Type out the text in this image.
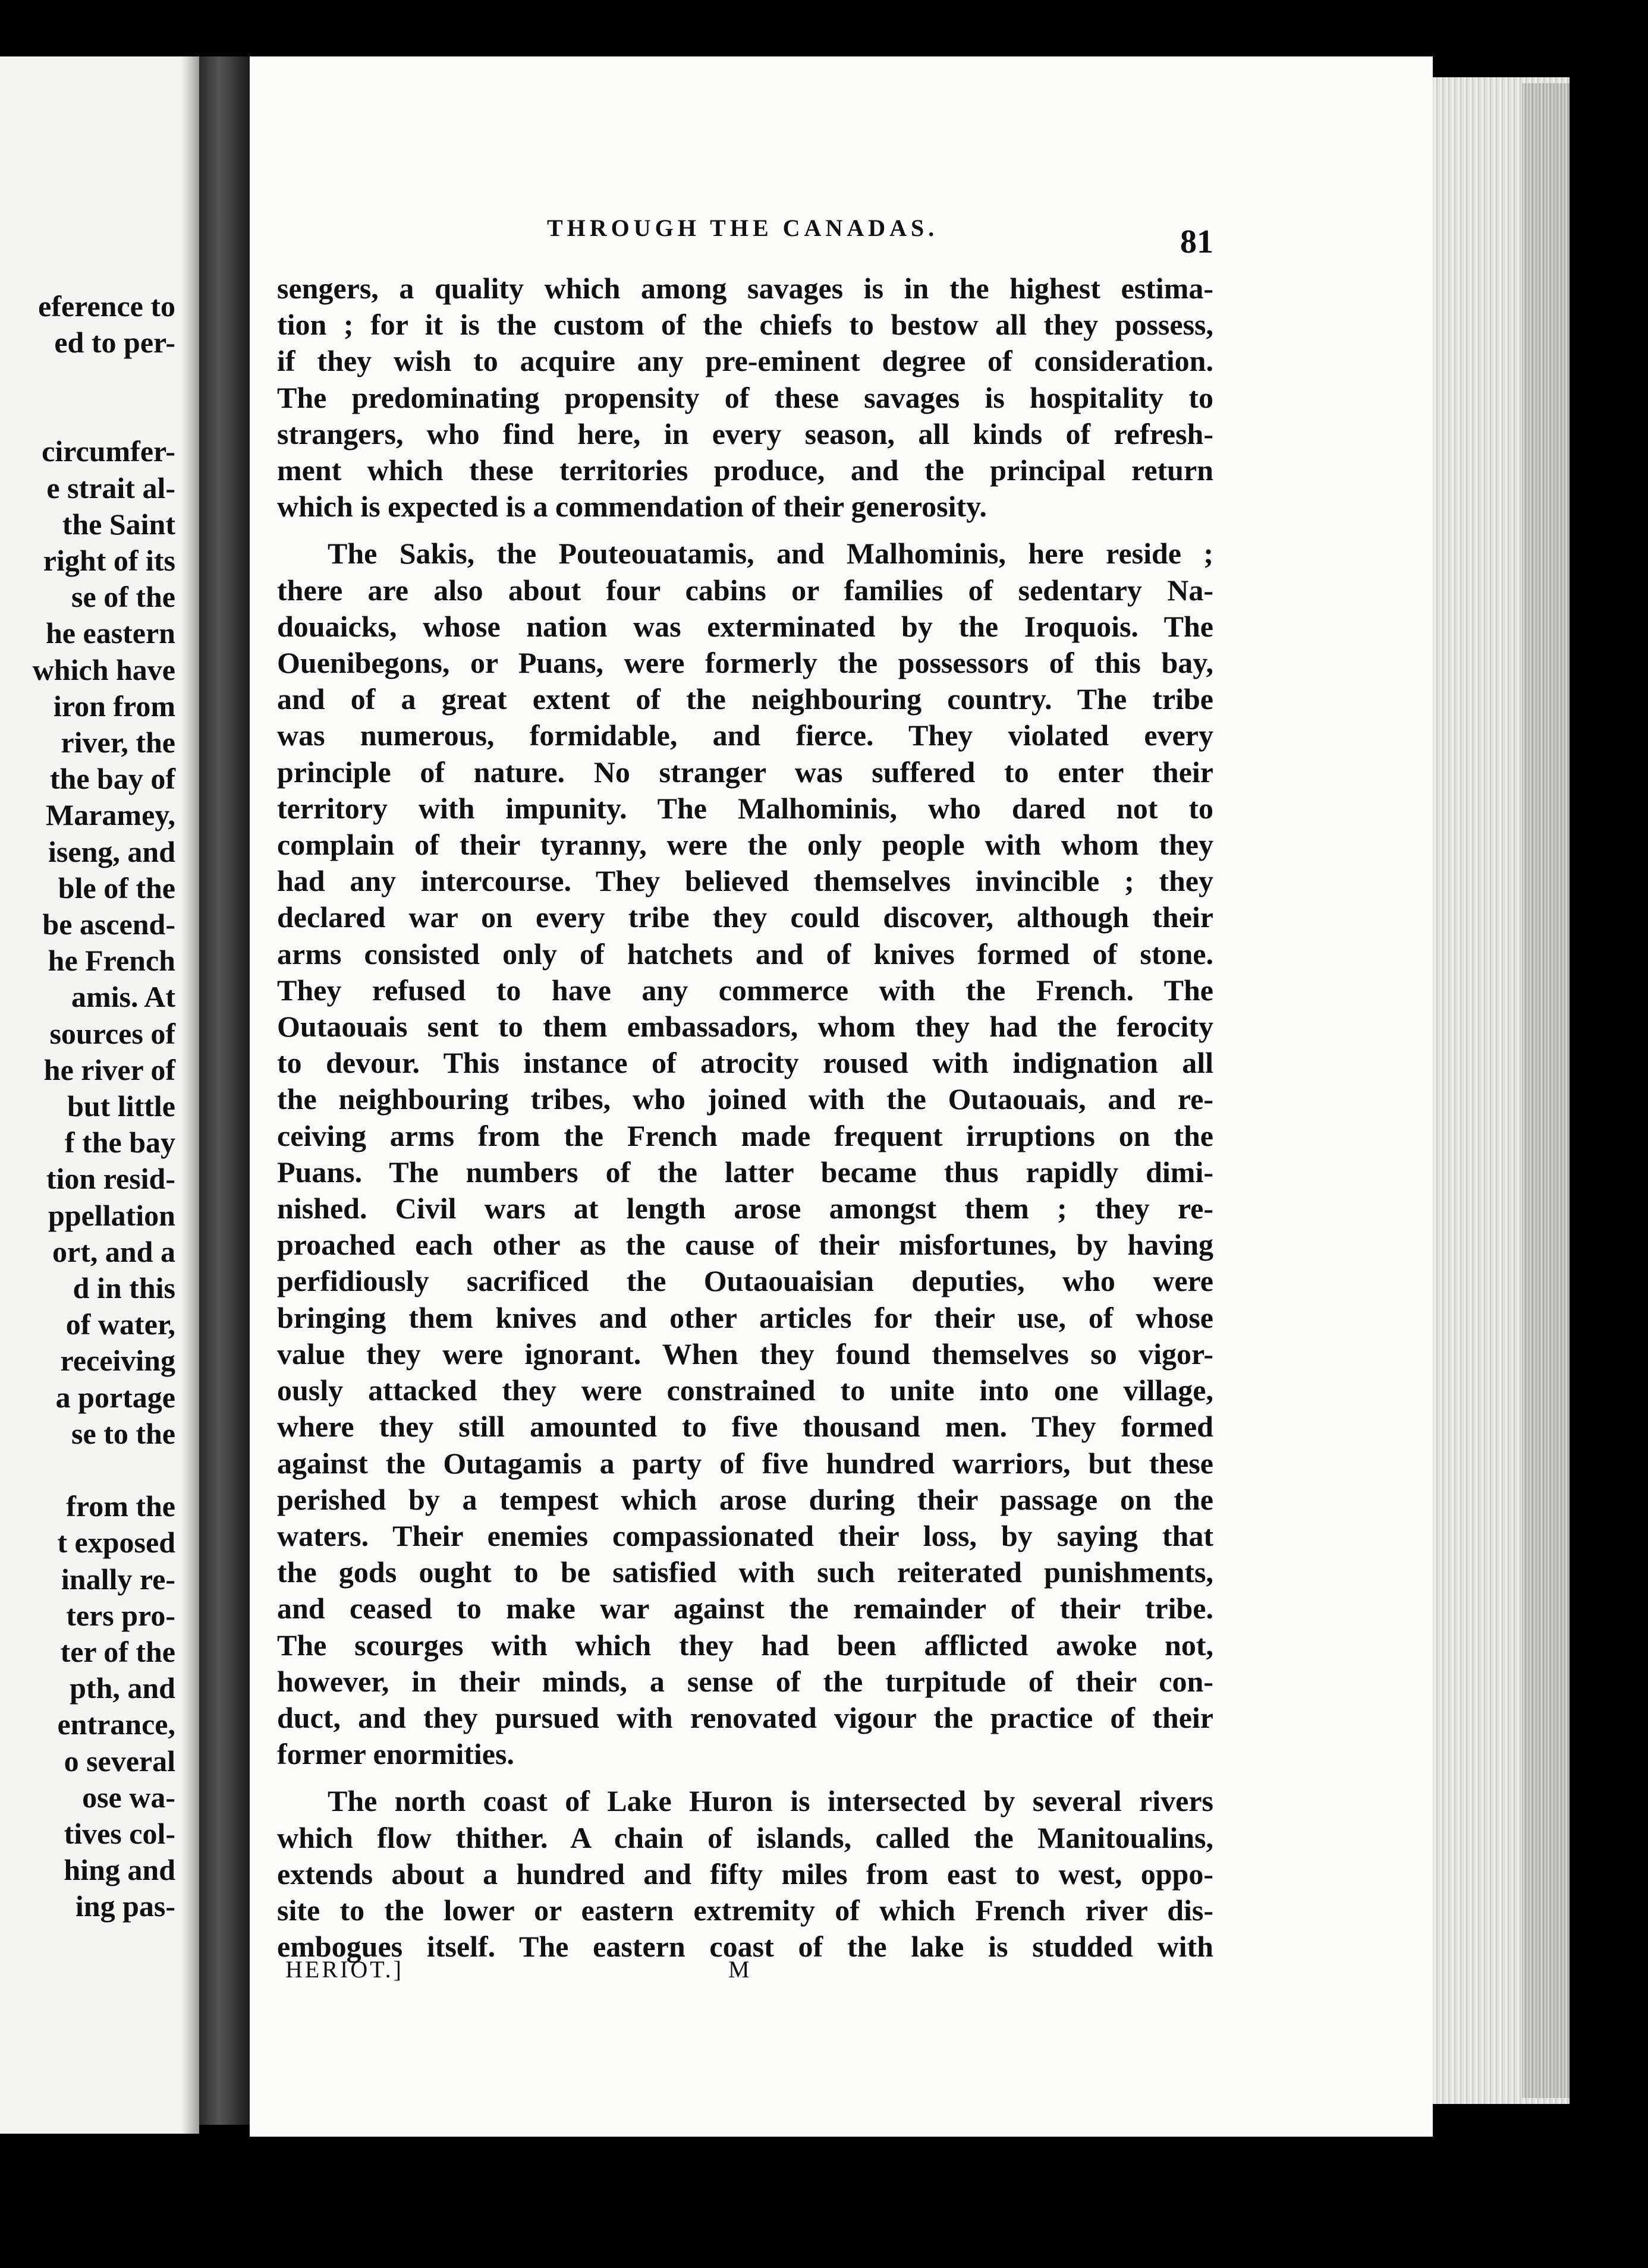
eference to
ed to per-
circumfer-
e strait al-
the Saint
right of its
se of the
he eastern
which have
iron from
river, the
the bay of
Maramey,
iseng, and
ble of the
be ascend-
he French
amis. At
sources of
he river of
but little
f the bay
tion resid-
ppellation
ort, and a
d in this
of water,
receiving
a portage
se to the
from the
t exposed
inally re-
ters pro-
ter of the
pth, and
entrance,
o several
ose wa-
tives col-
hing and
ing pas-
THROUGH THE CANADAS.	81
sengers, a quality which among savages is in the highest estima-
tion ; for it is the custom of the chiefs to bestow all they possess,
if they wish to acquire any pre-eminent degree of consideration.
The predominating propensity of these savages is hospitality to
strangers, who find here, in every season, all kinds of refresh-
ment which these territories produce, and the principal return
which is expected is a commendation of their generosity.
The Sakis, the Pouteouatamis, and Malhominis, here reside ;
there are also about four cabins or families of sedentary Na-
douaicks, whose nation was exterminated by the Iroquois. The
Ouenibegons, or Puans, were formerly the possessors of this bay,
and of a great extent of the neighbouring country. The tribe
was numerous, formidable, and fierce. They violated every
principle of nature. No stranger was suffered to enter their
territory with impunity. The Malhominis, who dared not to
complain of their tyranny, were the only people with whom they
had any intercourse. They believed themselves invincible ; they
declared war on every tribe they could discover, although their
arms consisted only of hatchets and of knives formed of stone.
They refused to have any commerce with the French. The
Outaouais sent to them embassadors, whom they had the ferocity
to devour. This instance of atrocity roused with indignation all
the neighbouring tribes, who joined with the Outaouais, and re-
ceiving arms from the French made frequent irruptions on the
Puans. The numbers of the latter became thus rapidly dimi-
nished. Civil wars at length arose amongst them ; they re-
proached each other as the cause of their misfortunes, by having
perfidiously sacrificed the Outaouaisian deputies, who were
bringing them knives and other articles for their use, of whose
value they were ignorant. When they found themselves so vigor-
ously attacked they were constrained to unite into one village,
where they still amounted to five thousand men. They formed
against the Outagamis a party of five hundred warriors, but these
perished by a tempest which arose during their passage on the
waters. Their enemies compassionated their loss, by saying that
the gods ought to be satisfied with such reiterated punishments,
and ceased to make war against the remainder of their tribe.
The scourges with which they had been afflicted awoke not,
however, in their minds, a sense of the turpitude of their con-
duct, and they pursued with renovated vigour the practice of their
former enormities.
The north coast of Lake Huron is intersected by several rivers
which flow thither. A chain of islands, called the Manitoualins,
extends about a hundred and fifty miles from east to west, oppo-
site to the lower or eastern extremity of which French river dis-
embogues itself. The eastern coast of the lake is studded with
HERIOT.]	M
